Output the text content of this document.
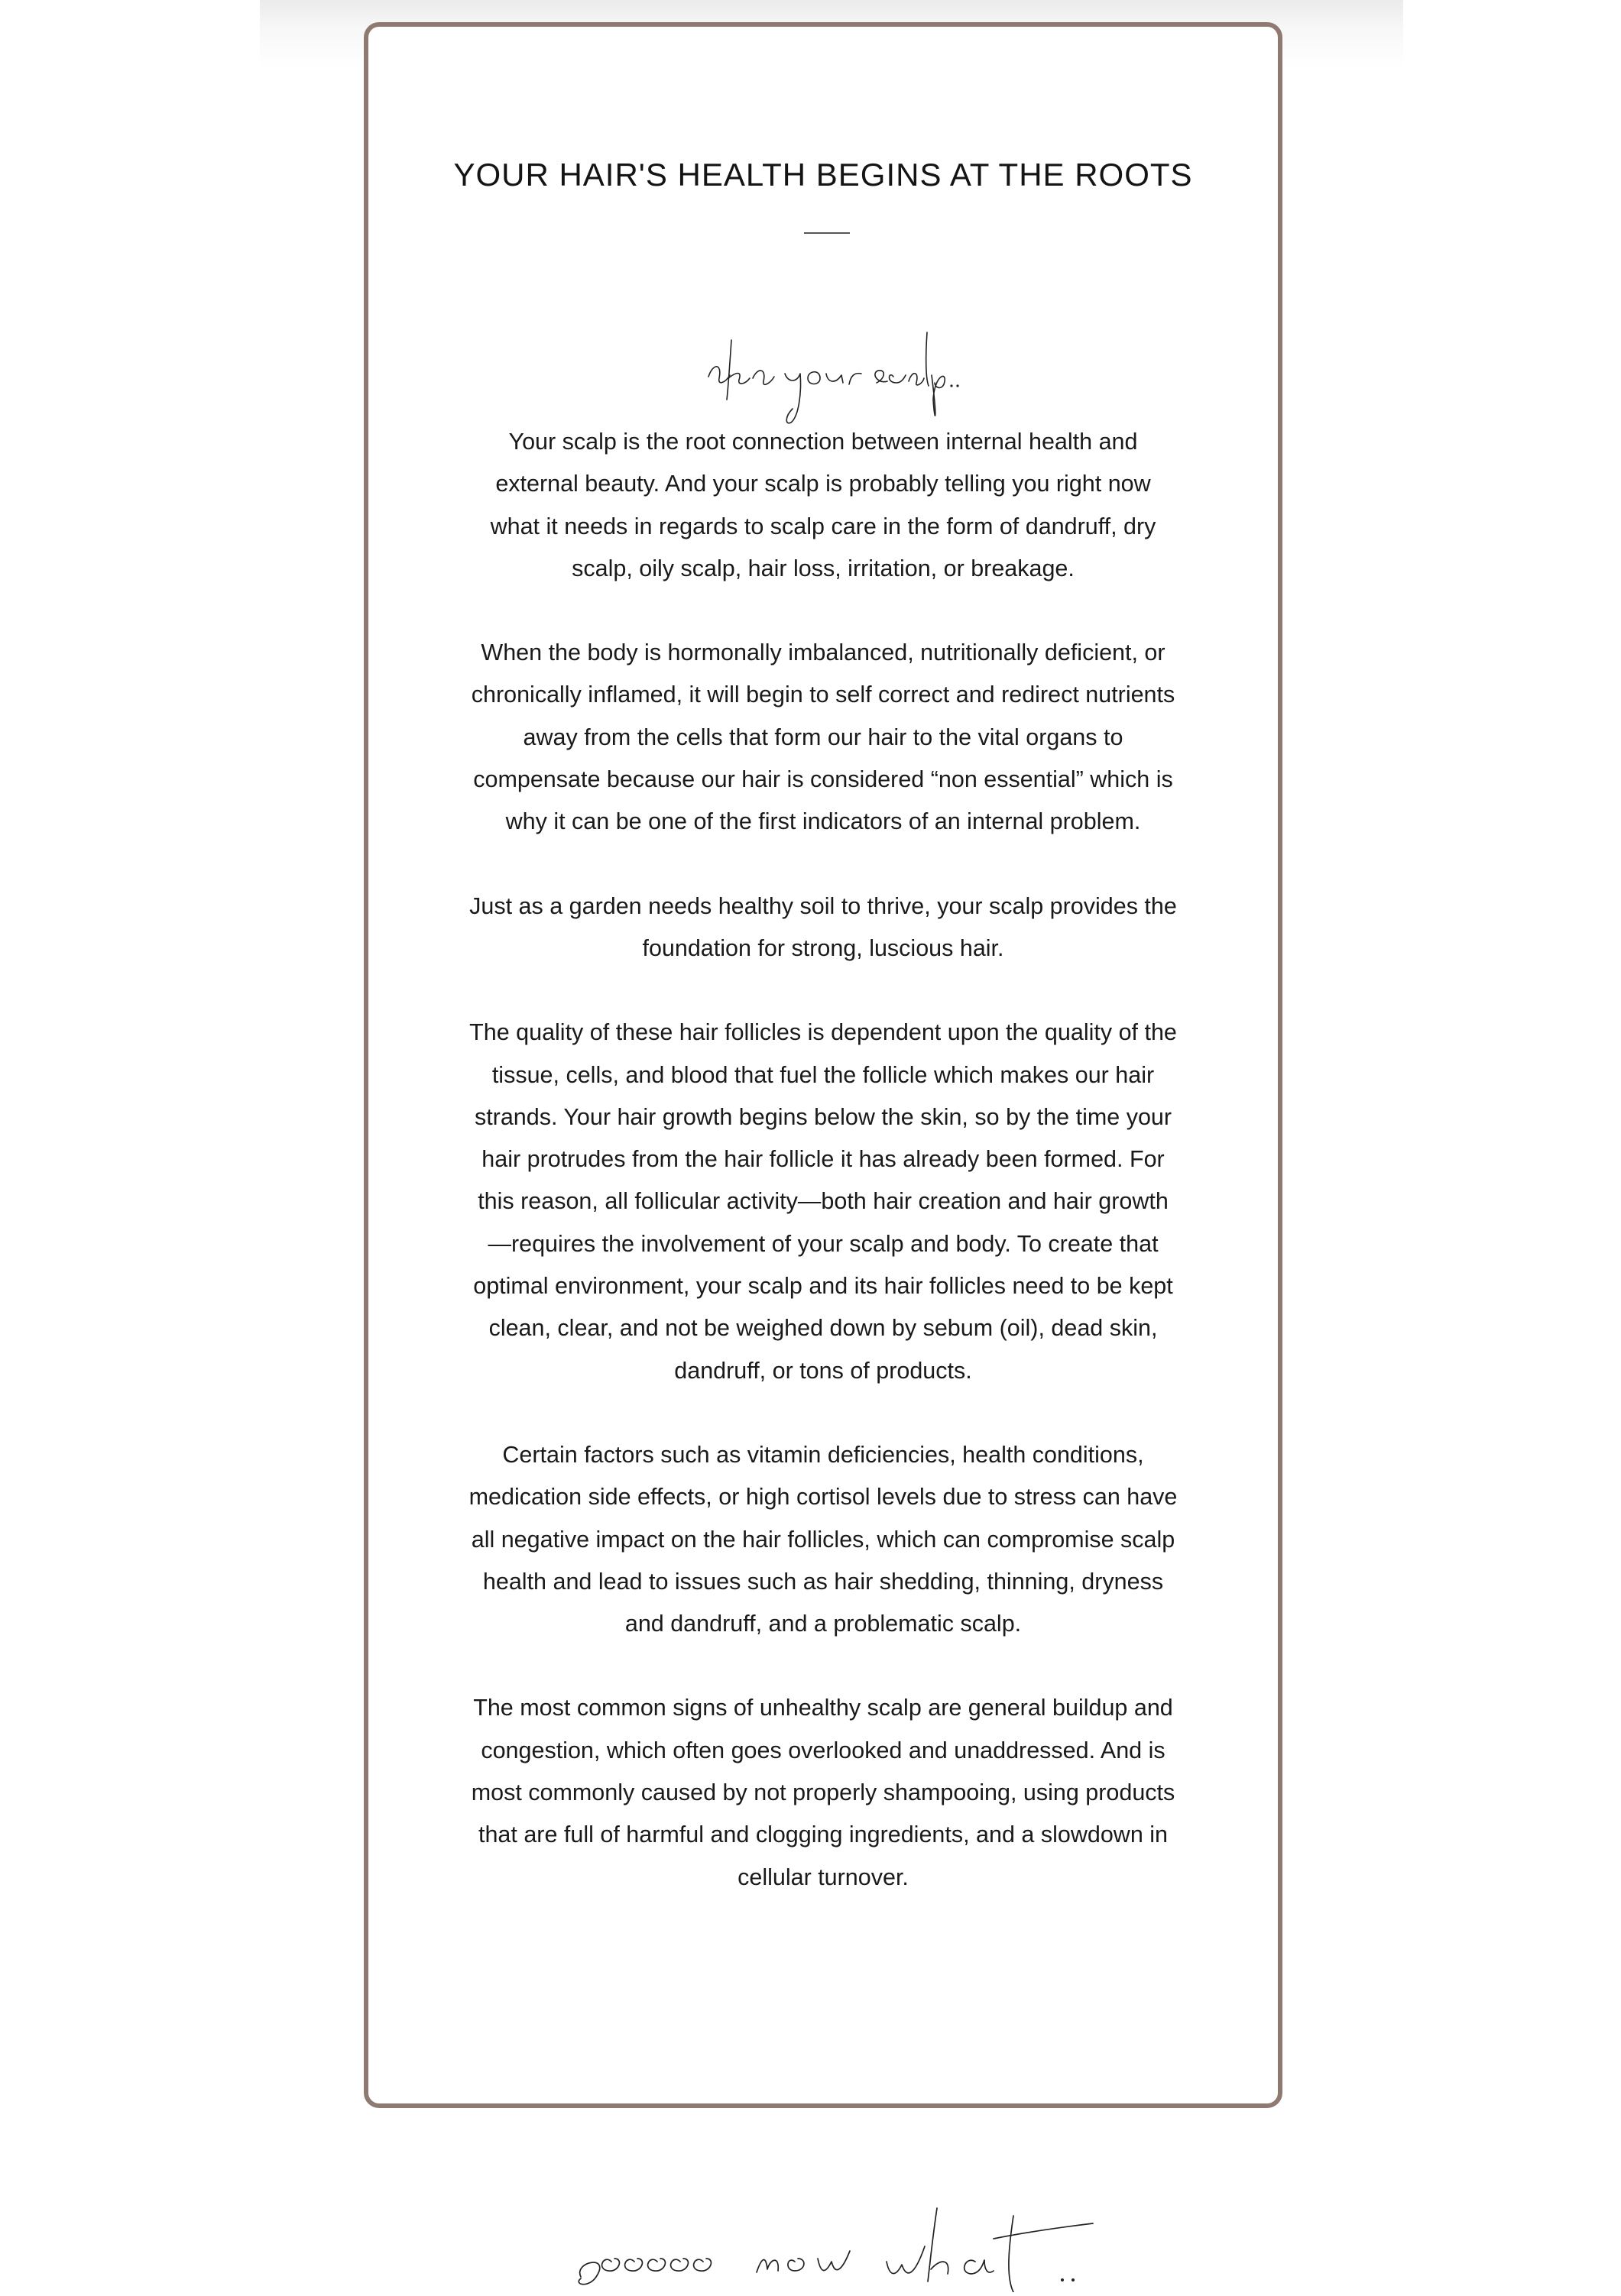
YOUR HAIR'S HEALTH BEGINS AT THE ROOTS

Your scalp is the root connection between internal health and external beauty. And your scalp is probably telling you right now what it needs in regards to scalp care in the form of dandruff, dry scalp, oily scalp, hair loss, irritation, or breakage.

When the body is hormonally imbalanced, nutritionally deficient, or chronically inflamed, it will begin to self correct and redirect nutrients away from the cells that form our hair to the vital organs to compensate because our hair is considered “non essential” which is why it can be one of the first indicators of an internal problem.

Just as a garden needs healthy soil to thrive, your scalp provides the foundation for strong, luscious hair.

The quality of these hair follicles is dependent upon the quality of the tissue, cells, and blood that fuel the follicle which makes our hair strands. Your hair growth begins below the skin, so by the time your hair protrudes from the hair follicle it has already been formed. For this reason, all follicular activity—both hair creation and hair growth—requires the involvement of your scalp and body. To create that optimal environment, your scalp and its hair follicles need to be kept clean, clear, and not be weighed down by sebum (oil), dead skin, dandruff, or tons of products.

Certain factors such as vitamin deficiencies, health conditions, medication side effects, or high cortisol levels due to stress can have all negative impact on the hair follicles, which can compromise scalp health and lead to issues such as hair shedding, thinning, dryness and dandruff, and a problematic scalp.

The most common signs of unhealthy scalp are general buildup and congestion, which often goes overlooked and unaddressed. And is most commonly caused by not properly shampooing, using products that are full of harmful and clogging ingredients, and a slowdown in cellular turnover.
